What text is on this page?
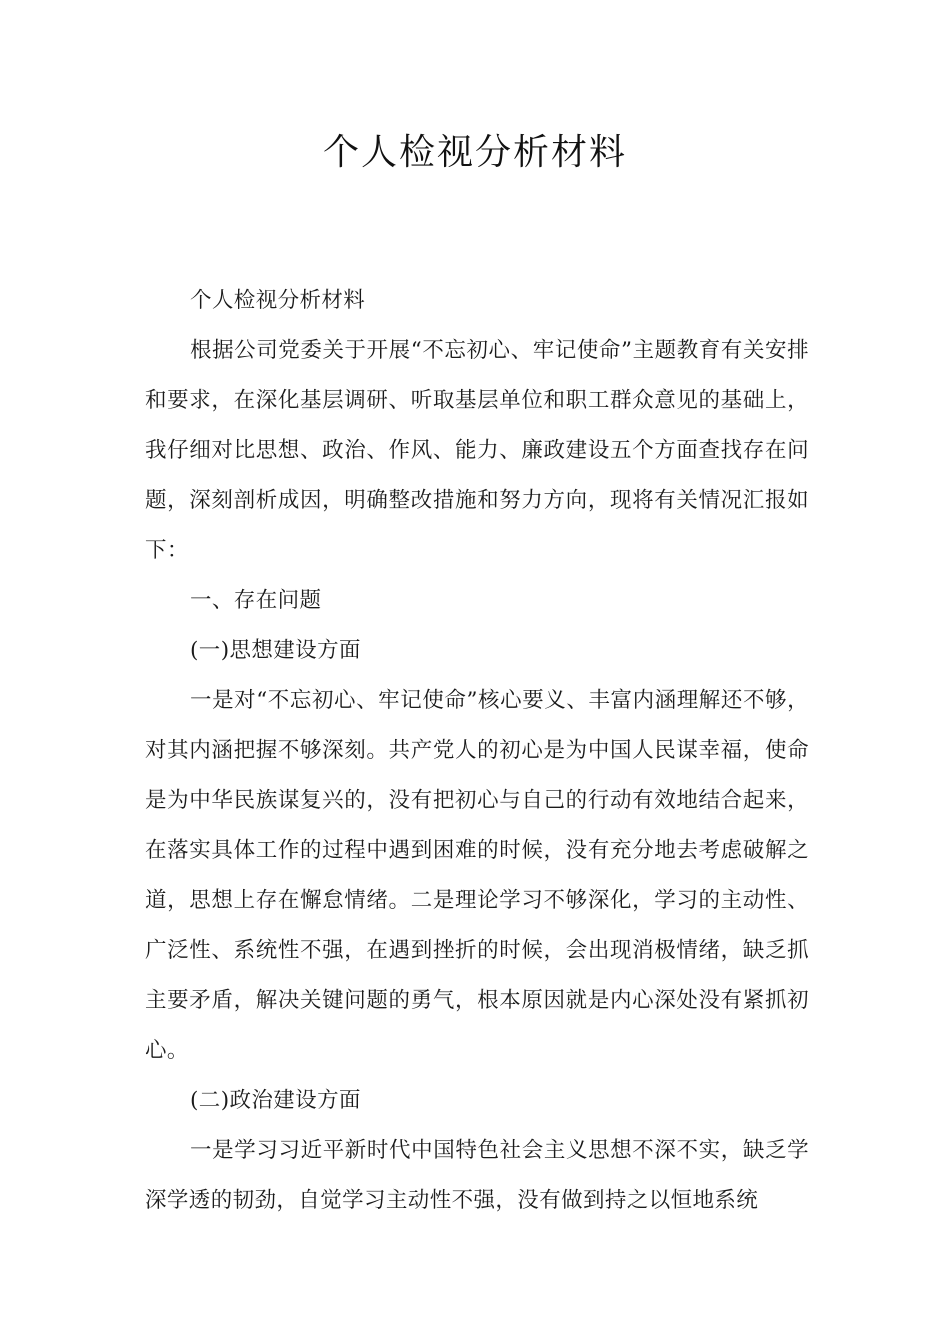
个人检视分析材料

个人检视分析材料

根据公司党委关于开展“不忘初心、牢记使命”主题教育有关安排和要求，在深化基层调研、听取基层单位和职工群众意见的基础上，我仔细对比思想、政治、作风、能力、廉政建设五个方面查找存在问题，深刻剖析成因，明确整改措施和努力方向，现将有关情况汇报如下：

一、存在问题

(一)思想建设方面

一是对“不忘初心、牢记使命”核心要义、丰富内涵理解还不够，对其内涵把握不够深刻。共产党人的初心是为中国人民谋幸福，使命是为中华民族谋复兴的，没有把初心与自己的行动有效地结合起来，在落实具体工作的过程中遇到困难的时候，没有充分地去考虑破解之道，思想上存在懈怠情绪。二是理论学习不够深化，学习的主动性、广泛性、系统性不强，在遇到挫折的时候，会出现消极情绪，缺乏抓主要矛盾，解决关键问题的勇气，根本原因就是内心深处没有紧抓初心。

(二)政治建设方面

一是学习习近平新时代中国特色社会主义思想不深不实，缺乏学深学透的韧劲，自觉学习主动性不强，没有做到持之以恒地系统
